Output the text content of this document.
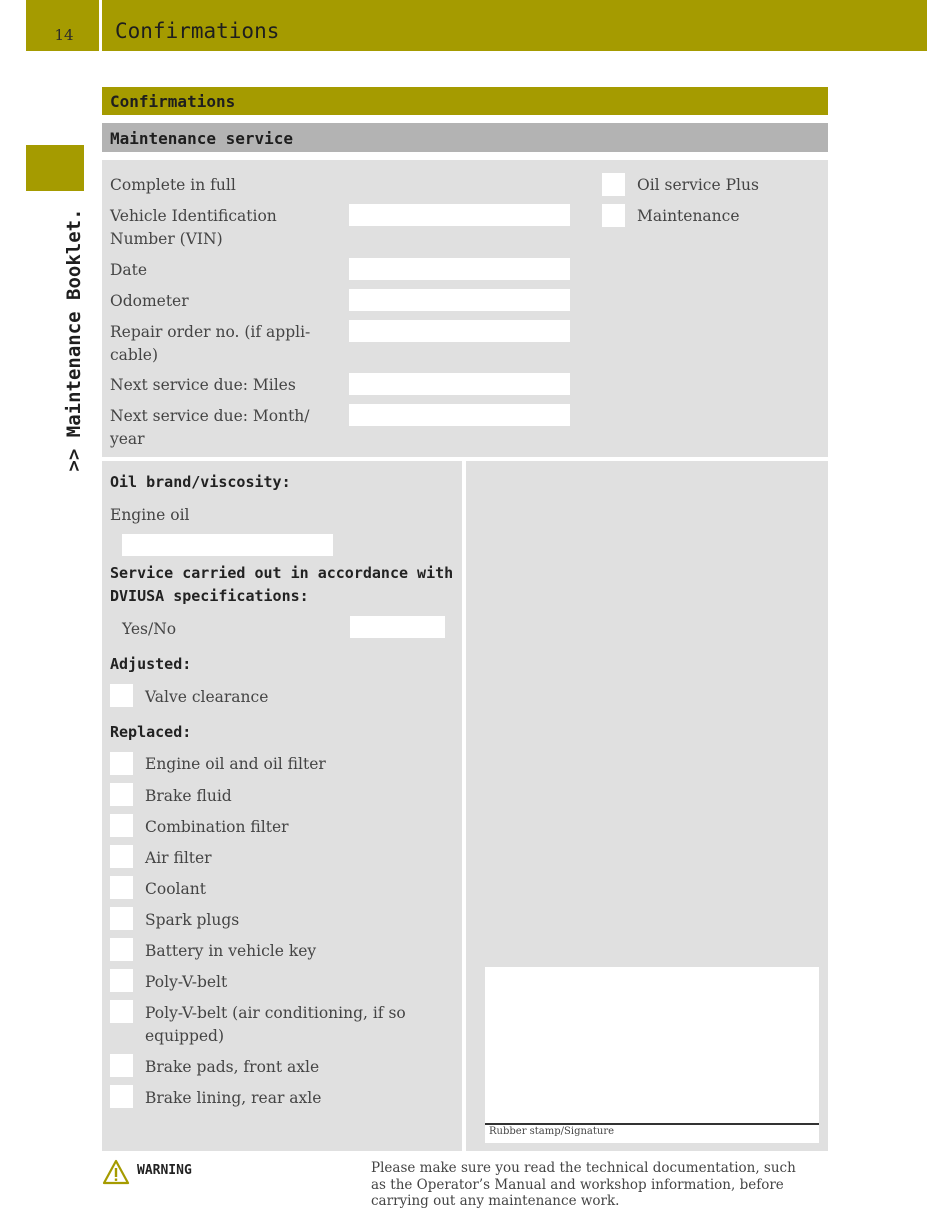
14	Confirmations
>> Maintenance Booklet.
Confirmations
Maintenance service
Complete in full
Vehicle Identification Number (VIN)
Date
Odometer
Repair order no. (if appli- cable)
Next service due: Miles
Next service due: Month/ year
Oil service Plus
Maintenance
Oil brand/viscosity:
Engine oil
Service carried out in accordance with DVIUSA specifications:
Yes/No
Adjusted:
Valve clearance
Replaced:
Engine oil and oil filter
Brake fluid
Combination filter
Air filter
Coolant
Spark plugs
Battery in vehicle key
Poly-V-belt
Poly-V-belt (air conditioning, if so equipped)
Brake pads, front axle
Brake lining, rear axle
Rubber stamp/Signature
WARNING	Please make sure you read the technical documentation, such as the Operator’s Manual and workshop information, before carrying out any maintenance work.
